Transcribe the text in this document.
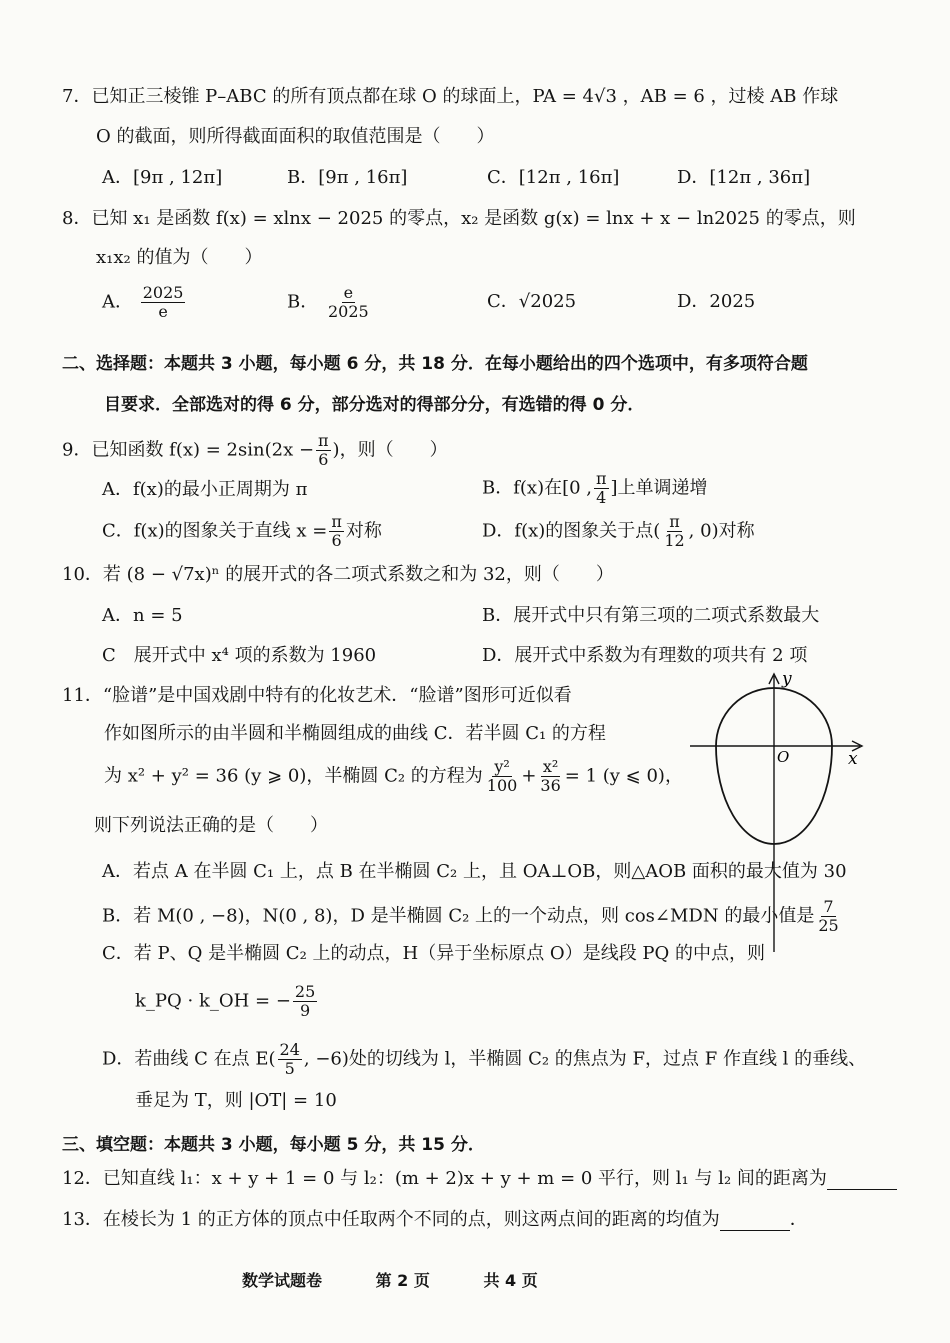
7．已知正三棱锥 P–ABC 的所有顶点都在球 O 的球面上，PA = 4√3 ，AB = 6 ，过棱 AB 作球
O 的截面，则所得截面面积的取值范围是（　　）
A．[9π , 12π]	B．[9π , 16π]	C．[12π , 16π]	D．[12π , 36π]
8．已知 x₁ 是函数 f(x) = xlnx − 2025 的零点，x₂ 是函数 g(x) = lnx + x − ln2025 的零点，则
x₁x₂ 的值为（　　）
A． $\frac{2025}{e}$	B． $\frac{e}{2025}$	C．√2025	D．2025
二、选择题：本题共 3 小题，每小题 6 分，共 18 分．在每小题给出的四个选项中，有多项符合题
目要求．全部选对的得 6 分，部分选对的得部分分，有选错的得 0 分．
9．已知函数 $f(x) = 2\sin(2x - \frac{\pi}{6}$ )，则（　　）
A．f(x)的最小正周期为 π	B．f(x)在[0 , $\frac{\pi}{4}$ ]上单调递增
C．f(x)的图象关于直线 $x = \frac{\pi}{6}$ 对称	D．f(x)的图象关于点( $\frac{\pi}{12}$ , 0)对称
10．若 (8 − √7x)ⁿ 的展开式的各二项式系数之和为 32，则（　　）
A．n = 5	B．展开式中只有第三项的二项式系数最大
C　展开式中 x⁴ 项的系数为 1960	D．展开式中系数为有理数的项共有 2 项
11．“脸谱”是中国戏剧中特有的化妆艺术．“脸谱”图形可近似看
作如图所示的由半圆和半椭圆组成的曲线 C．若半圆 C₁ 的方程
为 x² + y² = 36 (y ⩾ 0)，半椭圆 C₂ 的方程为 $\frac{\text{y²}}{100} + \frac{\text{x²}}{36} = 1$ (y ⩽ 0)，
则下列说法正确的是（　　）
y
x
O
A．若点 A 在半圆 C₁ 上，点 B 在半椭圆 C₂ 上，且 OA⊥OB，则△AOB 面积的最大值为 30
B．若 M(0 , −8)，N(0 , 8)，D 是半椭圆 C₂ 上的一个动点，则 cos∠MDN 的最小值是 $\frac{7}{25}$
C．若 P、Q 是半椭圆 C₂ 上的动点，H（异于坐标原点 O）是线段 PQ 的中点，则
k_PQ · k_OH = − $\frac{25}{9}$
D．若曲线 C 在点 $E( \frac{24}{5}$ , −6)处的切线为 l，半椭圆 C₂ 的焦点为 F，过点 F 作直线 l 的垂线、
垂足为 T，则 |OT| = 10
三、填空题：本题共 3 小题，每小题 5 分，共 15 分．
12．已知直线 l₁：x + y + 1 = 0 与 l₂：(m + 2)x + y + m = 0 平行，则 l₁ 与 l₂ 间的距离为
13．在棱长为 1 的正方体的顶点中任取两个不同的点，则这两点间的距离的均值为	．
数学试题卷	第 2 页	共 4 页
